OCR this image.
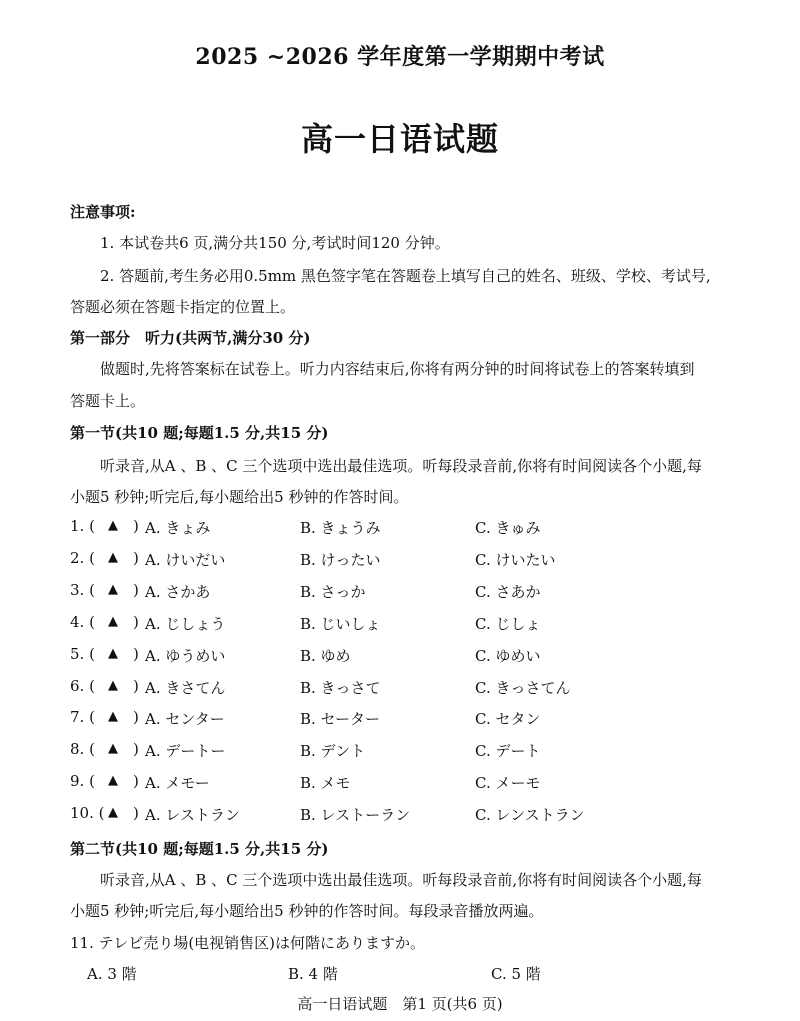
2025 ~2026 学年度第一学期期中考试
高一日语试题
注意事项:
1. 本试卷共6 页,满分共150 分,考试时间120 分钟。
2. 答题前,考生务必用0.5mm 黑色签字笔在答题卷上填写自己的姓名、班级、学校、考试号,
答题必须在答题卡指定的位置上。
第一部分　听力(共两节,满分30 分)
做题时,先将答案标在试卷上。听力内容结束后,你将有两分钟的时间将试卷上的答案转填到
答题卡上。
第一节(共10 题;每题1.5 分,共15 分)
听录音,从A 、B 、C 三个选项中选出最佳选项。听每段录音前,你将有时间阅读各个小题,每
小题5 秒钟;听完后,每小题给出5 秒钟的作答时间。
1. ( ▲ ) A. きょみ	B. きょうみ	C. きゅみ
2. ( ▲ ) A. けいだい	B. けったい	C. けいたい
3. ( ▲ ) A. さかあ	B. さっか	C. さあか
4. ( ▲ ) A. じしょう	B. じいしょ	C. じしょ
5. ( ▲ ) A. ゆうめい	B. ゆめ	C. ゆめい
6. ( ▲ ) A. きさてん	B. きっさて	C. きっさてん
7. ( ▲ ) A. センター	B. セーター	C. セタン
8. ( ▲ ) A. デートー	B. デント	C. デート
9. ( ▲ ) A. メモー	B. メモ	C. メーモ
10. ( ▲ ) A. レストラン	B. レストーラン	C. レンストラン
第二节(共10 题;每题1.5 分,共15 分)
听录音,从A 、B 、C 三个选项中选出最佳选项。听每段录音前,你将有时间阅读各个小题,每
小题5 秒钟;听完后,每小题给出5 秒钟的作答时间。每段录音播放两遍。
11. テレビ売り場(电视销售区)は何階にありますか。
A. 3 階	B. 4 階	C. 5 階
高一日语试题　第1 页(共6 页)
